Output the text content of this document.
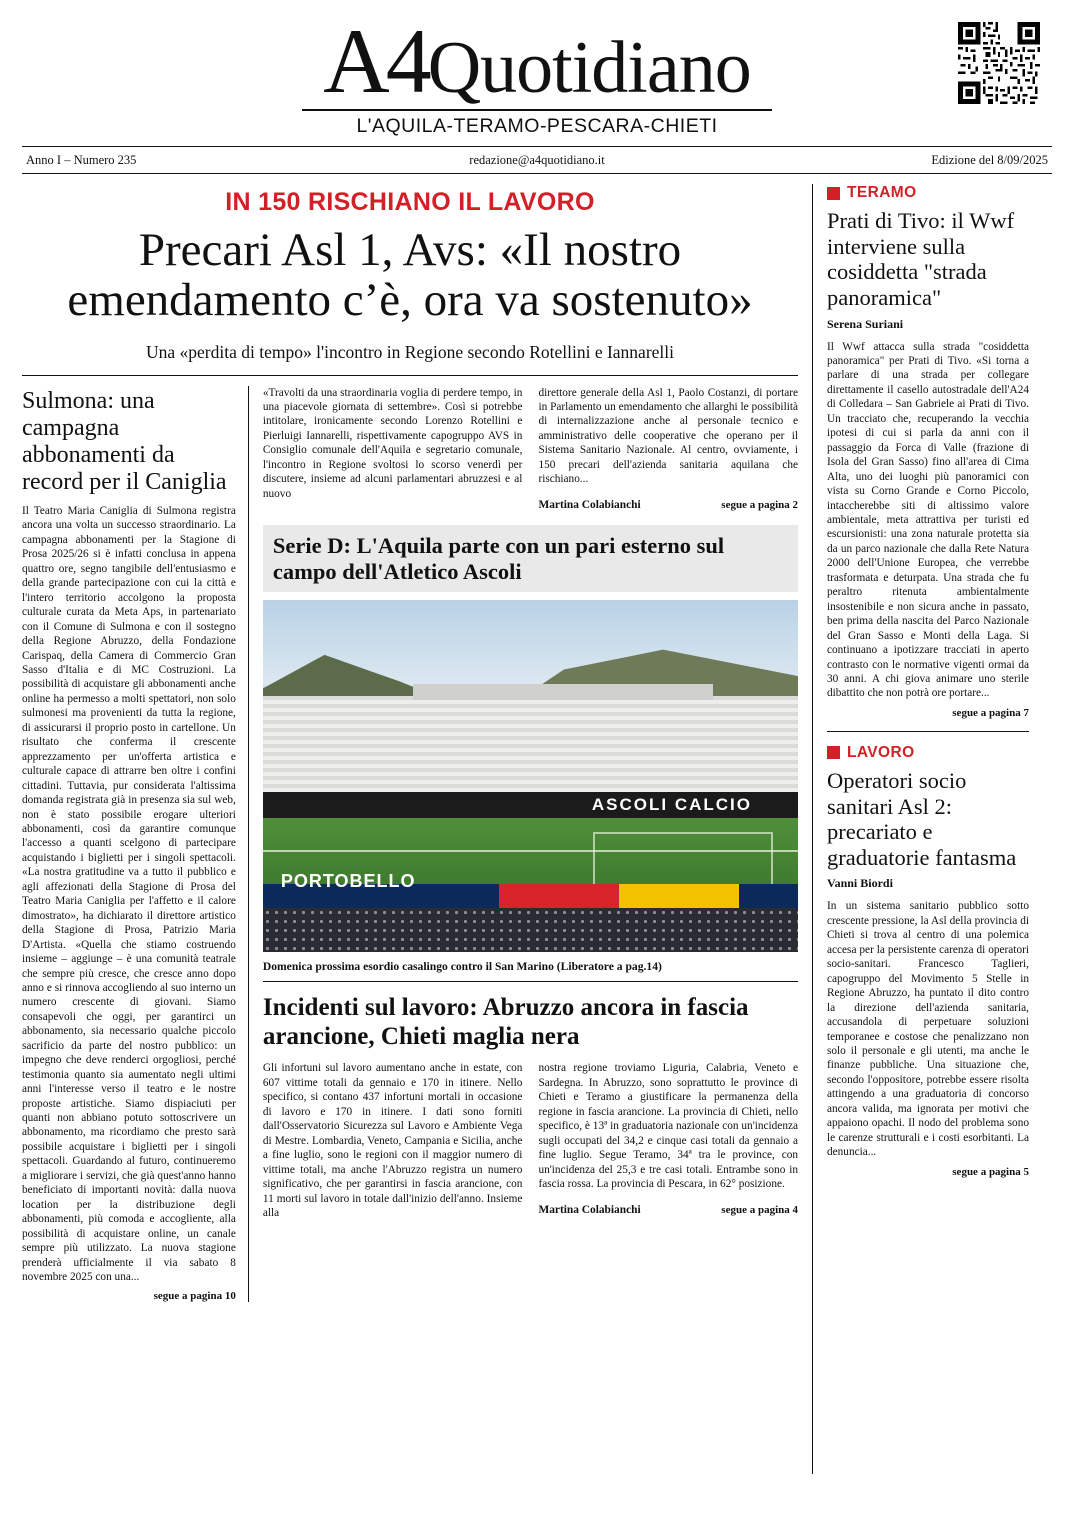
A4Quotidiano
L'AQUILA-TERAMO-PESCARA-CHIETI
Anno I – Numero 235	redazione@a4quotidiano.it	Edizione del 8/09/2025
IN 150 RISCHIANO IL LAVORO
Precari Asl 1, Avs: «Il nostro emendamento c’è, ora va sostenuto»
Una «perdita di tempo» l'incontro in Regione secondo Rotellini e Iannarelli
Sulmona: una campagna abbonamenti da record per il Caniglia
Il Teatro Maria Caniglia di Sulmona registra ancora una volta un successo straordinario. La campagna abbonamenti per la Stagione di Prosa 2025/26 si è infatti conclusa in appena quattro ore, segno tangibile dell'entusiasmo e della grande partecipazione con cui la città e l'intero territorio accolgono la proposta culturale curata da Meta Aps, in partenariato con il Comune di Sulmona e con il sostegno della Regione Abruzzo, della Fondazione Carispaq, della Camera di Commercio Gran Sasso d'Italia e di MC Costruzioni. La possibilità di acquistare gli abbonamenti anche online ha permesso a molti spettatori, non solo sulmonesi ma provenienti da tutta la regione, di assicurarsi il proprio posto in cartellone. Un risultato che conferma il crescente apprezzamento per un'offerta artistica e culturale capace di attrarre ben oltre i confini cittadini. Tuttavia, pur considerata l'altissima domanda registrata già in presenza sia sul web, non è stato possibile erogare ulteriori abbonamenti, così da garantire comunque l'accesso a quanti scelgono di partecipare acquistando i biglietti per i singoli spettacoli. «La nostra gratitudine va a tutto il pubblico e agli affezionati della Stagione di Prosa del Teatro Maria Caniglia per l'affetto e il calore dimostrato», ha dichiarato il direttore artistico della Stagione di Prosa, Patrizio Maria D'Artista. «Quella che stiamo costruendo insieme – aggiunge – è una comunità teatrale che sempre più cresce, che cresce anno dopo anno e si rinnova accogliendo al suo interno un numero crescente di giovani. Siamo consapevoli che oggi, per garantirci un abbonamento, sia necessario qualche piccolo sacrificio da parte del nostro pubblico: un impegno che deve renderci orgogliosi, perché testimonia quanto sia aumentato negli ultimi anni l'interesse verso il teatro e le nostre proposte artistiche. Siamo dispiaciuti per quanti non abbiano potuto sottoscrivere un abbonamento, ma ricordiamo che presto sarà possibile acquistare i biglietti per i singoli spettacoli. Guardando al futuro, continueremo a migliorare i servizi, che già quest'anno hanno beneficiato di importanti novità: dalla nuova location per la distribuzione degli abbonamenti, più comoda e accogliente, alla possibilità di acquistare online, un canale sempre più utilizzato. La nuova stagione prenderà ufficialmente il via sabato 8 novembre 2025 con una...
segue a pagina 10
«Travolti da una straordinaria voglia di perdere tempo, in una piacevole giornata di settembre». Così si potrebbe intitolare, ironicamente secondo Lorenzo Rotellini e Pierluigi Iannarelli, rispettivamente capogruppo AVS in Consiglio comunale dell'Aquila e segretario comunale, l'incontro in Regione svoltosi lo scorso venerdì per discutere, insieme ad alcuni parlamentari abruzzesi e al nuovo
direttore generale della Asl 1, Paolo Costanzi, di portare in Parlamento un emendamento che allarghi le possibilità di internalizzazione anche al personale tecnico e amministrativo delle cooperative che operano per il Sistema Sanitario Nazionale. Al centro, ovviamente, i 150 precari dell'azienda sanitaria aquilana che rischiano...
Martina Colabianchi	segue a pagina 2
Serie D: L'Aquila parte con un pari esterno sul campo dell'Atletico Ascoli
ASCOLI CALCIO

PORTOBELLO
Domenica prossima esordio casalingo contro il San Marino (Liberatore a pag.14)
Incidenti sul lavoro: Abruzzo ancora in fascia arancione, Chieti maglia nera
Gli infortuni sul lavoro aumentano anche in estate, con 607 vittime totali da gennaio e 170 in itinere. Nello specifico, si contano 437 infortuni mortali in occasione di lavoro e 170 in itinere. I dati sono forniti dall'Osservatorio Sicurezza sul Lavoro e Ambiente Vega di Mestre. Lombardia, Veneto, Campania e Sicilia, anche a fine luglio, sono le regioni con il maggior numero di vittime totali, ma anche l'Abruzzo registra un numero significativo, che per garantirsi in fascia arancione, con 11 morti sul lavoro in totale dall'inizio dell'anno. Insieme alla
nostra regione troviamo Liguria, Calabria, Veneto e Sardegna. In Abruzzo, sono soprattutto le province di Chieti e Teramo a giustificare la permanenza della regione in fascia arancione. La provincia di Chieti, nello specifico, è 13ª in graduatoria nazionale con un'incidenza sugli occupati del 34,2 e cinque casi totali da gennaio a fine luglio. Segue Teramo, 34ª tra le province, con un'incidenza del 25,3 e tre casi totali. Entrambe sono in fascia rossa. La provincia di Pescara, in 62° posizione.
Martina Colabianchi	segue a pagina 4
TERAMO
Prati di Tivo: il Wwf interviene sulla cosiddetta "strada panoramica"
Serena Suriani
Il Wwf attacca sulla strada "cosiddetta panoramica" per Prati di Tivo. «Si torna a parlare di una strada per collegare direttamente il casello autostradale dell'A24 di Colledara – San Gabriele ai Prati di Tivo. Un tracciato che, recuperando la vecchia ipotesi di cui si parla da anni con il passaggio da Forca di Valle (frazione di Isola del Gran Sasso) fino all'area di Cima Alta, uno dei luoghi più panoramici con vista su Corno Grande e Corno Piccolo, intaccherebbe siti di altissimo valore ambientale, meta attrattiva per turisti ed escursionisti: una zona naturale protetta sia da un parco nazionale che dalla Rete Natura 2000 dell'Unione Europea, che verrebbe trasformata e deturpata. Una strada che fu peraltro ritenuta ambientalmente insostenibile e non sicura anche in passato, ben prima della nascita del Parco Nazionale del Gran Sasso e Monti della Laga. Si continuano a ipotizzare tracciati in aperto contrasto con le normative vigenti ormai da 30 anni. A chi giova animare uno sterile dibattito che non potrà ore portare...
segue a pagina 7
LAVORO
Operatori socio sanitari Asl 2: precariato e graduatorie fantasma
Vanni Biordi
In un sistema sanitario pubblico sotto crescente pressione, la Asl della provincia di Chieti si trova al centro di una polemica accesa per la persistente carenza di operatori socio-sanitari. Francesco Taglieri, capogruppo del Movimento 5 Stelle in Regione Abruzzo, ha puntato il dito contro la direzione dell'azienda sanitaria, accusandola di perpetuare soluzioni temporanee e costose che penalizzano non solo il personale e gli utenti, ma anche le finanze pubbliche. Una situazione che, secondo l'oppositore, potrebbe essere risolta attingendo a una graduatoria di concorso ancora valida, ma ignorata per motivi che appaiono opachi. Il nodo del problema sono le carenze strutturali e i costi esorbitanti. La denuncia...
segue a pagina 5
